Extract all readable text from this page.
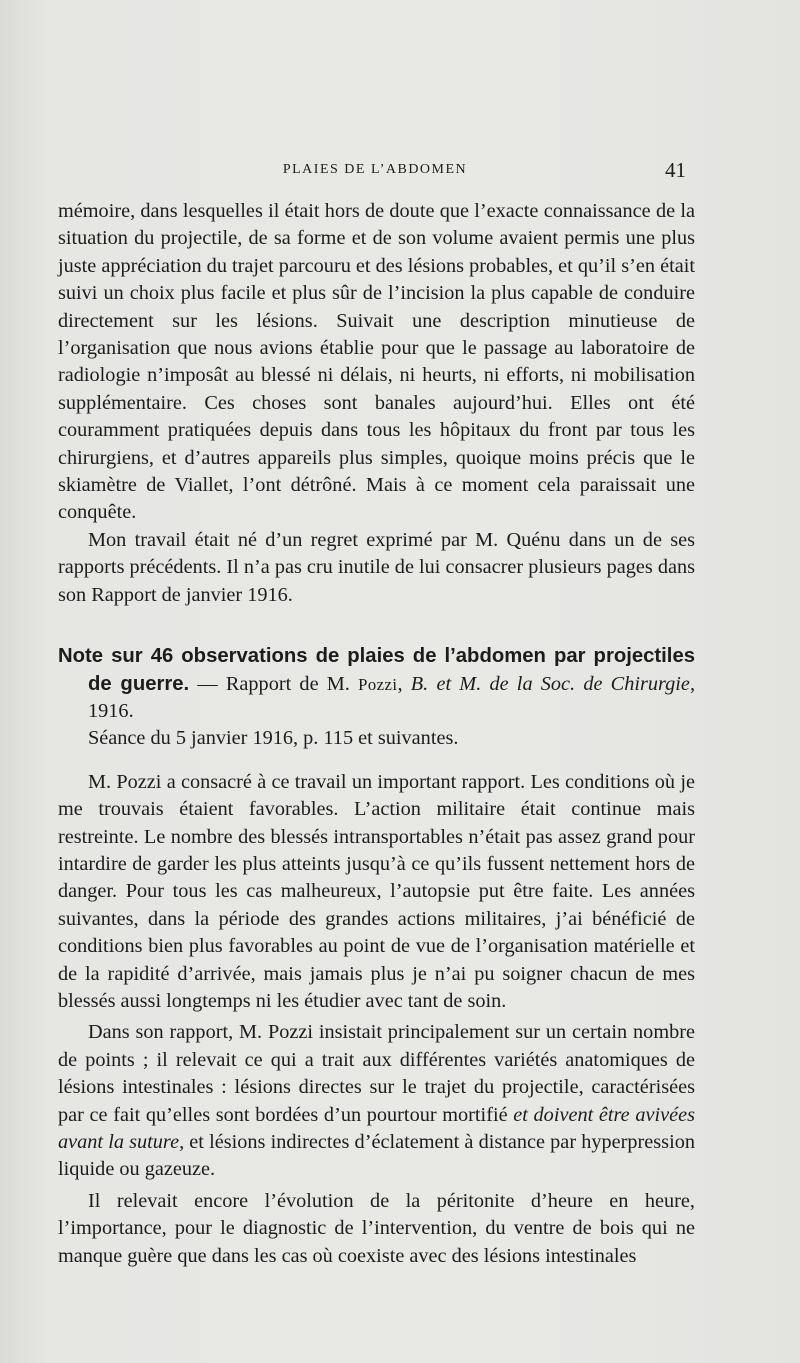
PLAIES DE L’ABDOMEN	41

mémoire, dans lesquelles il était hors de doute que l’exacte connaissance de la situation du projectile, de sa forme et de son volume avaient permis une plus juste appréciation du trajet parcouru et des lésions probables, et qu’il s’en était suivi un choix plus facile et plus sûr de l’incision la plus capable de conduire directement sur les lésions. Suivait une description minutieuse de l’organisation que nous avions établie pour que le passage au laboratoire de radiologie n’imposât au blessé ni délais, ni heurts, ni efforts, ni mobilisation supplémentaire. Ces choses sont banales aujourd’hui. Elles ont été couramment pratiquées depuis dans tous les hôpitaux du front par tous les chirurgiens, et d’autres appareils plus simples, quoique moins précis que le skiamètre de Viallet, l’ont détrôné. Mais à ce moment cela paraissait une conquête.

Mon travail était né d’un regret exprimé par M. Quénu dans un de ses rapports précédents. Il n’a pas cru inutile de lui consacrer plusieurs pages dans son Rapport de janvier 1916.

Note sur 46 observations de plaies de l’abdomen par projectiles de guerre. — Rapport de M. Pozzi, B. et M. de la Soc. de Chirurgie, 1916.
Séance du 5 janvier 1916, p. 115 et suivantes.

M. Pozzi a consacré à ce travail un important rapport. Les conditions où je me trouvais étaient favorables. L’action militaire était continue mais restreinte. Le nombre des blessés intransportables n’était pas assez grand pour intardire de garder les plus atteints jusqu’à ce qu’ils fussent nettement hors de danger. Pour tous les cas malheureux, l’autopsie put être faite. Les années suivantes, dans la période des grandes actions militaires, j’ai bénéficié de conditions bien plus favorables au point de vue de l’organisation matérielle et de la rapidité d’arrivée, mais jamais plus je n’ai pu soigner chacun de mes blessés aussi longtemps ni les étudier avec tant de soin.

Dans son rapport, M. Pozzi insistait principalement sur un certain nombre de points ; il relevait ce qui a trait aux différentes variétés anatomiques de lésions intestinales : lésions directes sur le trajet du projectile, caractérisées par ce fait qu’elles sont bordées d’un pourtour mortifié et doivent être avivées avant la suture, et lésions indirectes d’éclatement à distance par hyperpression liquide ou gazeuze.

Il relevait encore l’évolution de la péritonite d’heure en heure, l’importance, pour le diagnostic de l’intervention, du ventre de bois qui ne manque guère que dans les cas où coexiste avec des lésions intestinales
